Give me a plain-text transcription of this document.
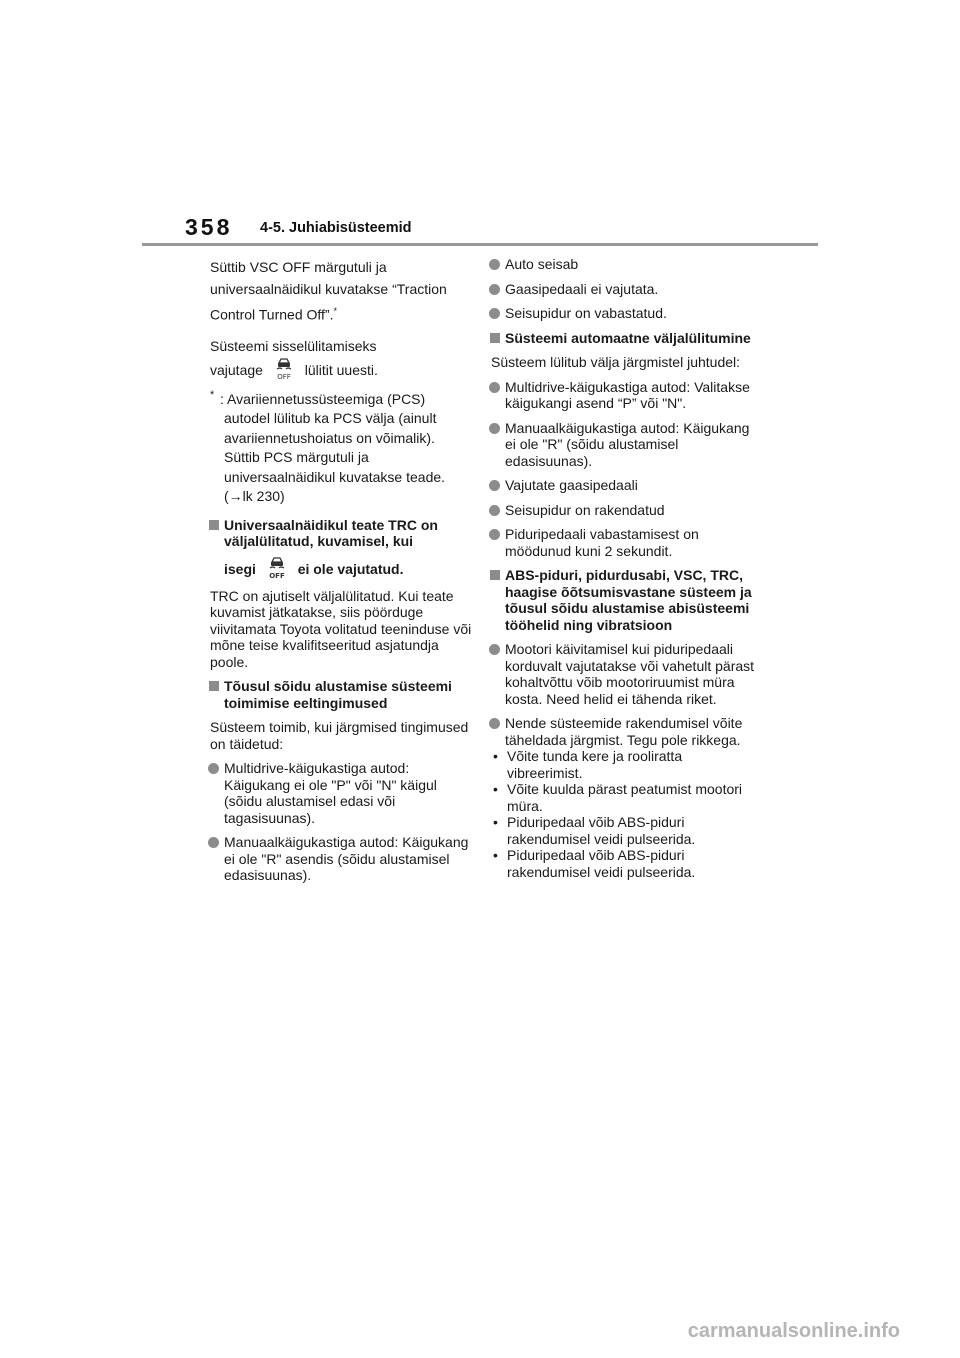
358 4-5. Juhiabisüsteemid
Süttib VSC OFF märgutuli ja
universaalnäidikul kuvatakse “Traction
Control Turned Off”.*
Süsteemi sisselülitamiseks
vajutage OFF lülitit uuesti.
* : Avariiennetussüsteemiga (PCS)
autodel lülitub ka PCS välja (ainult
avariiennetushoiatus on võimalik).
Süttib PCS märgutuli ja
universaalnäidikul kuvatakse teade.
(→lk 230)
Universaalnäidikul teate TRC on
väljalülitatud, kuvamisel, kui
isegi OFF ei ole vajutatud.
TRC on ajutiselt väljalülitatud. Kui teate kuvamist jätkatakse, siis pöörduge viivitamata Toyota volitatud teeninduse või mõne teise kvalifitseeritud asjatundja poole.
Tõusul sõidu alustamise süsteemi toimimise eeltingimused
Süsteem toimib, kui järgmised tingimused on täidetud:
Multidrive-käigukastiga autod: Käigukang ei ole "P" või "N" käigul (sõidu alustamisel edasi või tagasisuunas).
Manuaalkäigukastiga autod: Käigukang ei ole "R" asendis (sõidu alustamisel edasisuunas).
Auto seisab
Gaasipedaali ei vajutata.
Seisupidur on vabastatud.
Süsteemi automaatne väljalülitumine
Süsteem lülitub välja järgmistel juhtudel:
Multidrive-käigukastiga autod: Valitakse käigukangi asend “P” või "N".
Manuaalkäigukastiga autod: Käigukang ei ole "R" (sõidu alustamisel edasisuunas).
Vajutate gaasipedaali
Seisupidur on rakendatud
Piduripedaali vabastamisest on möödunud kuni 2 sekundit.
ABS-piduri, pidurdusabi, VSC, TRC, haagise õõtsumisvastane süsteem ja tõusul sõidu alustamise abisüsteemi tööhelid ning vibratsioon
Mootori käivitamisel kui piduripedaali korduvalt vajutatakse või vahetult pärast kohaltvõttu võib mootoriruumist müra kosta. Need helid ei tähenda riket.
Nende süsteemide rakendumisel võite täheldada järgmist. Tegu pole rikkega.
• Võite tunda kere ja rooliratta vibreerimist.
• Võite kuulda pärast peatumist mootori müra.
• Piduripedaal võib ABS-piduri rakendumisel veidi pulseerida.
• Piduripedaal võib ABS-piduri rakendumisel veidi pulseerida.
carmanualsonline.info
